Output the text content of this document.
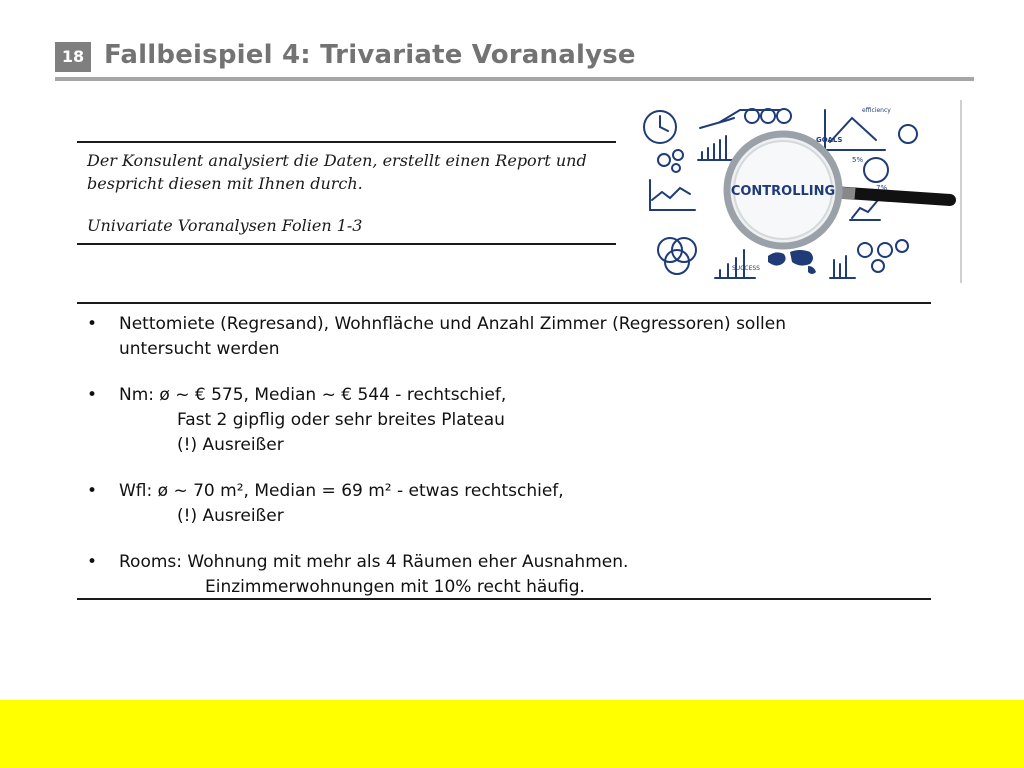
18 Fallbeispiel 4: Trivariate Voranalyse

Der Konsulent analysiert die Daten, erstellt einen Report und

bespricht diesen mit Ihnen durch.

Univariate Voranalysen Folien 1-3

CONTROLLING
GOALS
efficiency
SUCCESS
5%
7%
• Nettomiete (Regresand), Wohnfläche und Anzahl Zimmer (Regressoren) sollen
untersucht werden
• Nm: ø ~ € 575, Median ~ € 544 - rechtschief,
Fast 2 gipflig oder sehr breites Plateau
(!) Ausreißer
• Wfl: ø ~ 70 m², Median = 69 m² - etwas rechtschief,
(!) Ausreißer
• Rooms: Wohnung mit mehr als 4 Räumen eher Ausnahmen.
Einzimmerwohnungen mit 10% recht häufig.
